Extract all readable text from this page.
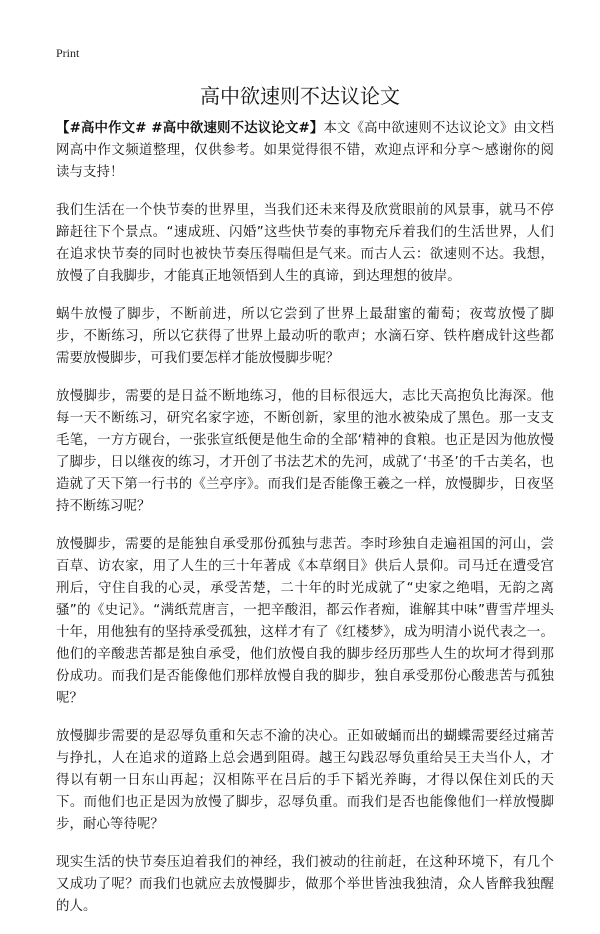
Print
高中欲速则不达议论文

【#高中作文# #高中欲速则不达议论文#】本文《高中欲速则不达议论文》由文档网高中作文频道整理，仅供参考。如果觉得很不错，欢迎点评和分享～感谢你的阅读与支持！

我们生活在一个快节奏的世界里，当我们还未来得及欣赏眼前的风景事，就马不停蹄赶往下个景点。“速成班、闪婚”这些快节奏的事物充斥着我们的生活世界，人们在追求快节奏的同时也被快节奏压得喘但是气来。而古人云：欲速则不达。我想，放慢了自我脚步，才能真正地领悟到人生的真谛，到达理想的彼岸。

蜗牛放慢了脚步，不断前进，所以它尝到了世界上最甜蜜的葡萄；夜莺放慢了脚步，不断练习，所以它获得了世界上最动听的歌声；水滴石穿、铁杵磨成针这些都需要放慢脚步，可我们要怎样才能放慢脚步呢？

放慢脚步，需要的是日益不断地练习，他的目标很远大，志比天高抱负比海深。他每一天不断练习，研究名家字迹，不断创新，家里的池水被染成了黑色。那一支支毛笔，一方方砚台，一张张宣纸便是他生命的全部‘精神的食粮。也正是因为他放慢了脚步，日以继夜的练习，才开创了书法艺术的先河，成就了‘书圣’的千古美名，也造就了天下第一行书的《兰亭序》。而我们是否能像王羲之一样，放慢脚步，日夜坚持不断练习呢？

放慢脚步，需要的是能独自承受那份孤独与悲苦。李时珍独自走遍祖国的河山，尝百草、访农家，用了人生的三十年著成《本草纲目》供后人景仰。司马迁在遭受宫刑后，守住自我的心灵，承受苦楚，二十年的时光成就了“史家之绝唱，无韵之离骚”的《史记》。“满纸荒唐言，一把辛酸泪，都云作者痴，谁解其中味”曹雪芹埋头十年，用他独有的坚持承受孤独，这样才有了《红楼梦》，成为明清小说代表之一。他们的辛酸悲苦都是独自承受，他们放慢自我的脚步经历那些人生的坎坷才得到那份成功。而我们是否能像他们那样放慢自我的脚步，独自承受那份心酸悲苦与孤独呢？

放慢脚步需要的是忍辱负重和矢志不渝的决心。正如破蛹而出的蝴蝶需要经过痛苦与挣扎，人在追求的道路上总会遇到阻碍。越王勾践忍辱负重给吴王夫当仆人，才得以有朝一日东山再起；汉相陈平在吕后的手下韬光养晦，才得以保住刘氏的天下。而他们也正是因为放慢了脚步，忍辱负重。而我们是否也能像他们一样放慢脚步，耐心等待呢？

现实生活的快节奏压迫着我们的神经，我们被动的往前赶，在这种环境下，有几个又成功了呢？而我们也就应去放慢脚步，做那个举世皆浊我独清，众人皆醉我独醒的人。
